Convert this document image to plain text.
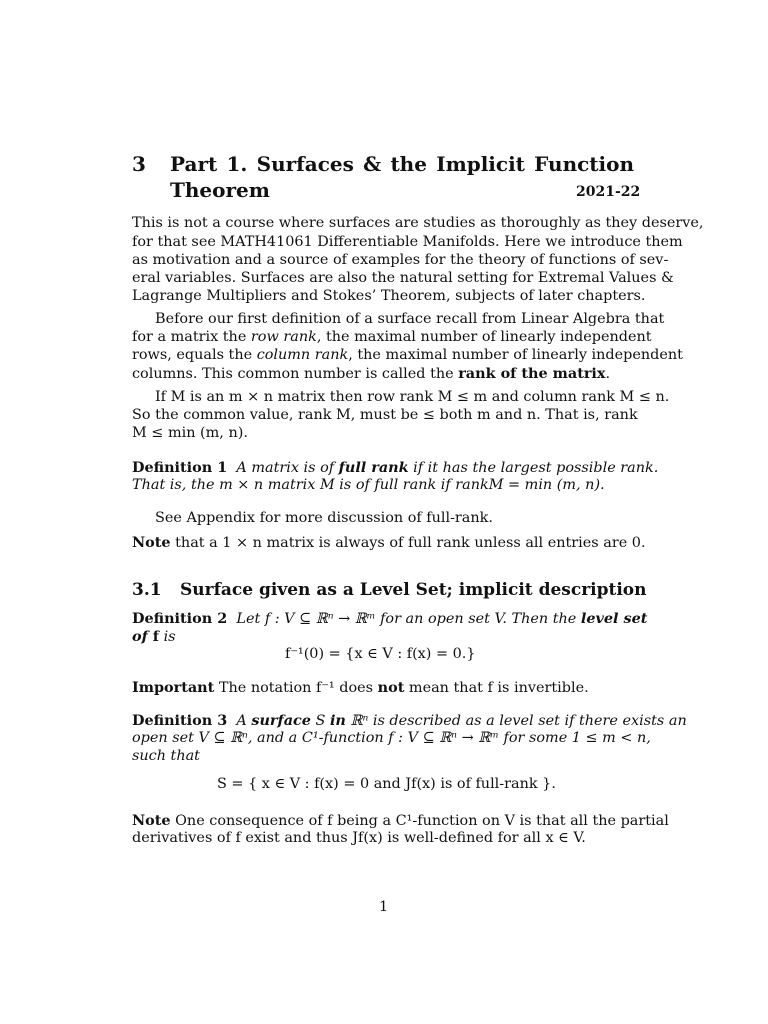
3 Part 1. Surfaces & the Implicit Function
Theorem	2021-22
This is not a course where surfaces are studies as thoroughly as they deserve,
for that see MATH41061 Differentiable Manifolds. Here we introduce them
as motivation and a source of examples for the theory of functions of sev-
eral variables. Surfaces are also the natural setting for Extremal Values &
Lagrange Multipliers and Stokes’ Theorem, subjects of later chapters.
Before our first definition of a surface recall from Linear Algebra that
for a matrix the row rank, the maximal number of linearly independent
rows, equals the column rank, the maximal number of linearly independent
columns. This common number is called the rank of the matrix.
If M is an m × n matrix then row rank M ≤ m and column rank M ≤ n.
So the common value, rank M, must be ≤ both m and n. That is, rank
M ≤ min (m, n).
Definition 1 A matrix is of full rank if it has the largest possible rank.
That is, the m × n matrix M is of full rank if rankM = min (m, n).
See Appendix for more discussion of full-rank.
Note that a 1 × n matrix is always of full rank unless all entries are 0.
3.1 Surface given as a Level Set; implicit description
Definition 2 Let f : V ⊆ ℝⁿ → ℝᵐ for an open set V. Then the level set
of f is
f⁻¹(0) = {x ∈ V : f(x) = 0.}
Important The notation f⁻¹ does not mean that f is invertible.
Definition 3 A surface S in ℝⁿ is described as a level set if there exists an
open set V ⊆ ℝⁿ, and a C¹-function f : V ⊆ ℝⁿ → ℝᵐ for some 1 ≤ m < n,
such that
S = { x ∈ V : f(x) = 0 and Jf(x) is of full-rank }.
Note One consequence of f being a C¹-function on V is that all the partial
derivatives of f exist and thus Jf(x) is well-defined for all x ∈ V.
1
